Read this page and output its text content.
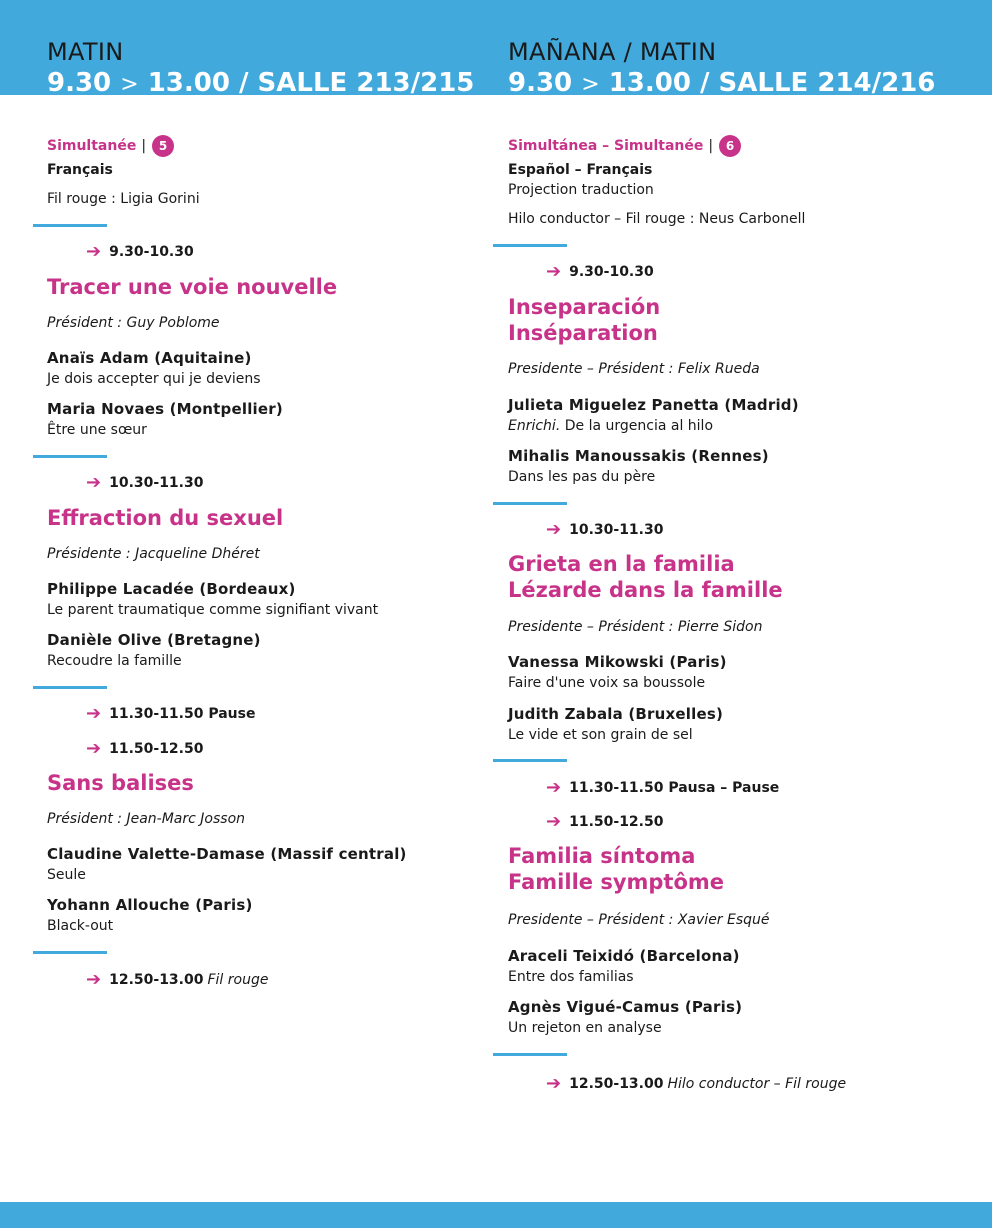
MATIN
9.30 > 13.00 / SALLE 213/215
MAÑANA / MATIN
9.30 > 13.00 / SALLE 214/216
Simultanée |	5
Français
Fil rouge : Ligia Gorini
➔ 9.30-10.30
Tracer une voie nouvelle
Président : Guy Poblome
Anaïs Adam (Aquitaine)
Je dois accepter qui je deviens
Maria Novaes (Montpellier)
Être une sœur
➔ 10.30-11.30
Effraction du sexuel
Présidente : Jacqueline Dhéret
Philippe Lacadée (Bordeaux)
Le parent traumatique comme signifiant vivant
Danièle Olive (Bretagne)
Recoudre la famille
➔ 11.30-11.50 Pause
➔ 11.50-12.50
Sans balises
Président : Jean-Marc Josson
Claudine Valette-Damase (Massif central)
Seule
Yohann Allouche (Paris)
Black-out
➔ 12.50-13.00 Fil rouge
Simultánea – Simultanée |	6
Español – Français
Projection traduction
Hilo conductor – Fil rouge : Neus Carbonell
➔ 9.30-10.30
Inseparación
Inséparation
Presidente – Président : Felix Rueda
Julieta Miguelez Panetta (Madrid)
Enrichi. De la urgencia al hilo
Mihalis Manoussakis (Rennes)
Dans les pas du père
➔ 10.30-11.30
Grieta en la familia
Lézarde dans la famille
Presidente – Président : Pierre Sidon
Vanessa Mikowski (Paris)
Faire d'une voix sa boussole
Judith Zabala (Bruxelles)
Le vide et son grain de sel
➔ 11.30-11.50 Pausa – Pause
➔ 11.50-12.50
Familia síntoma
Famille symptôme
Presidente – Président : Xavier Esqué
Araceli Teixidó (Barcelona)
Entre dos familias
Agnès Vigué-Camus (Paris)
Un rejeton en analyse
➔ 12.50-13.00 Hilo conductor – Fil rouge
